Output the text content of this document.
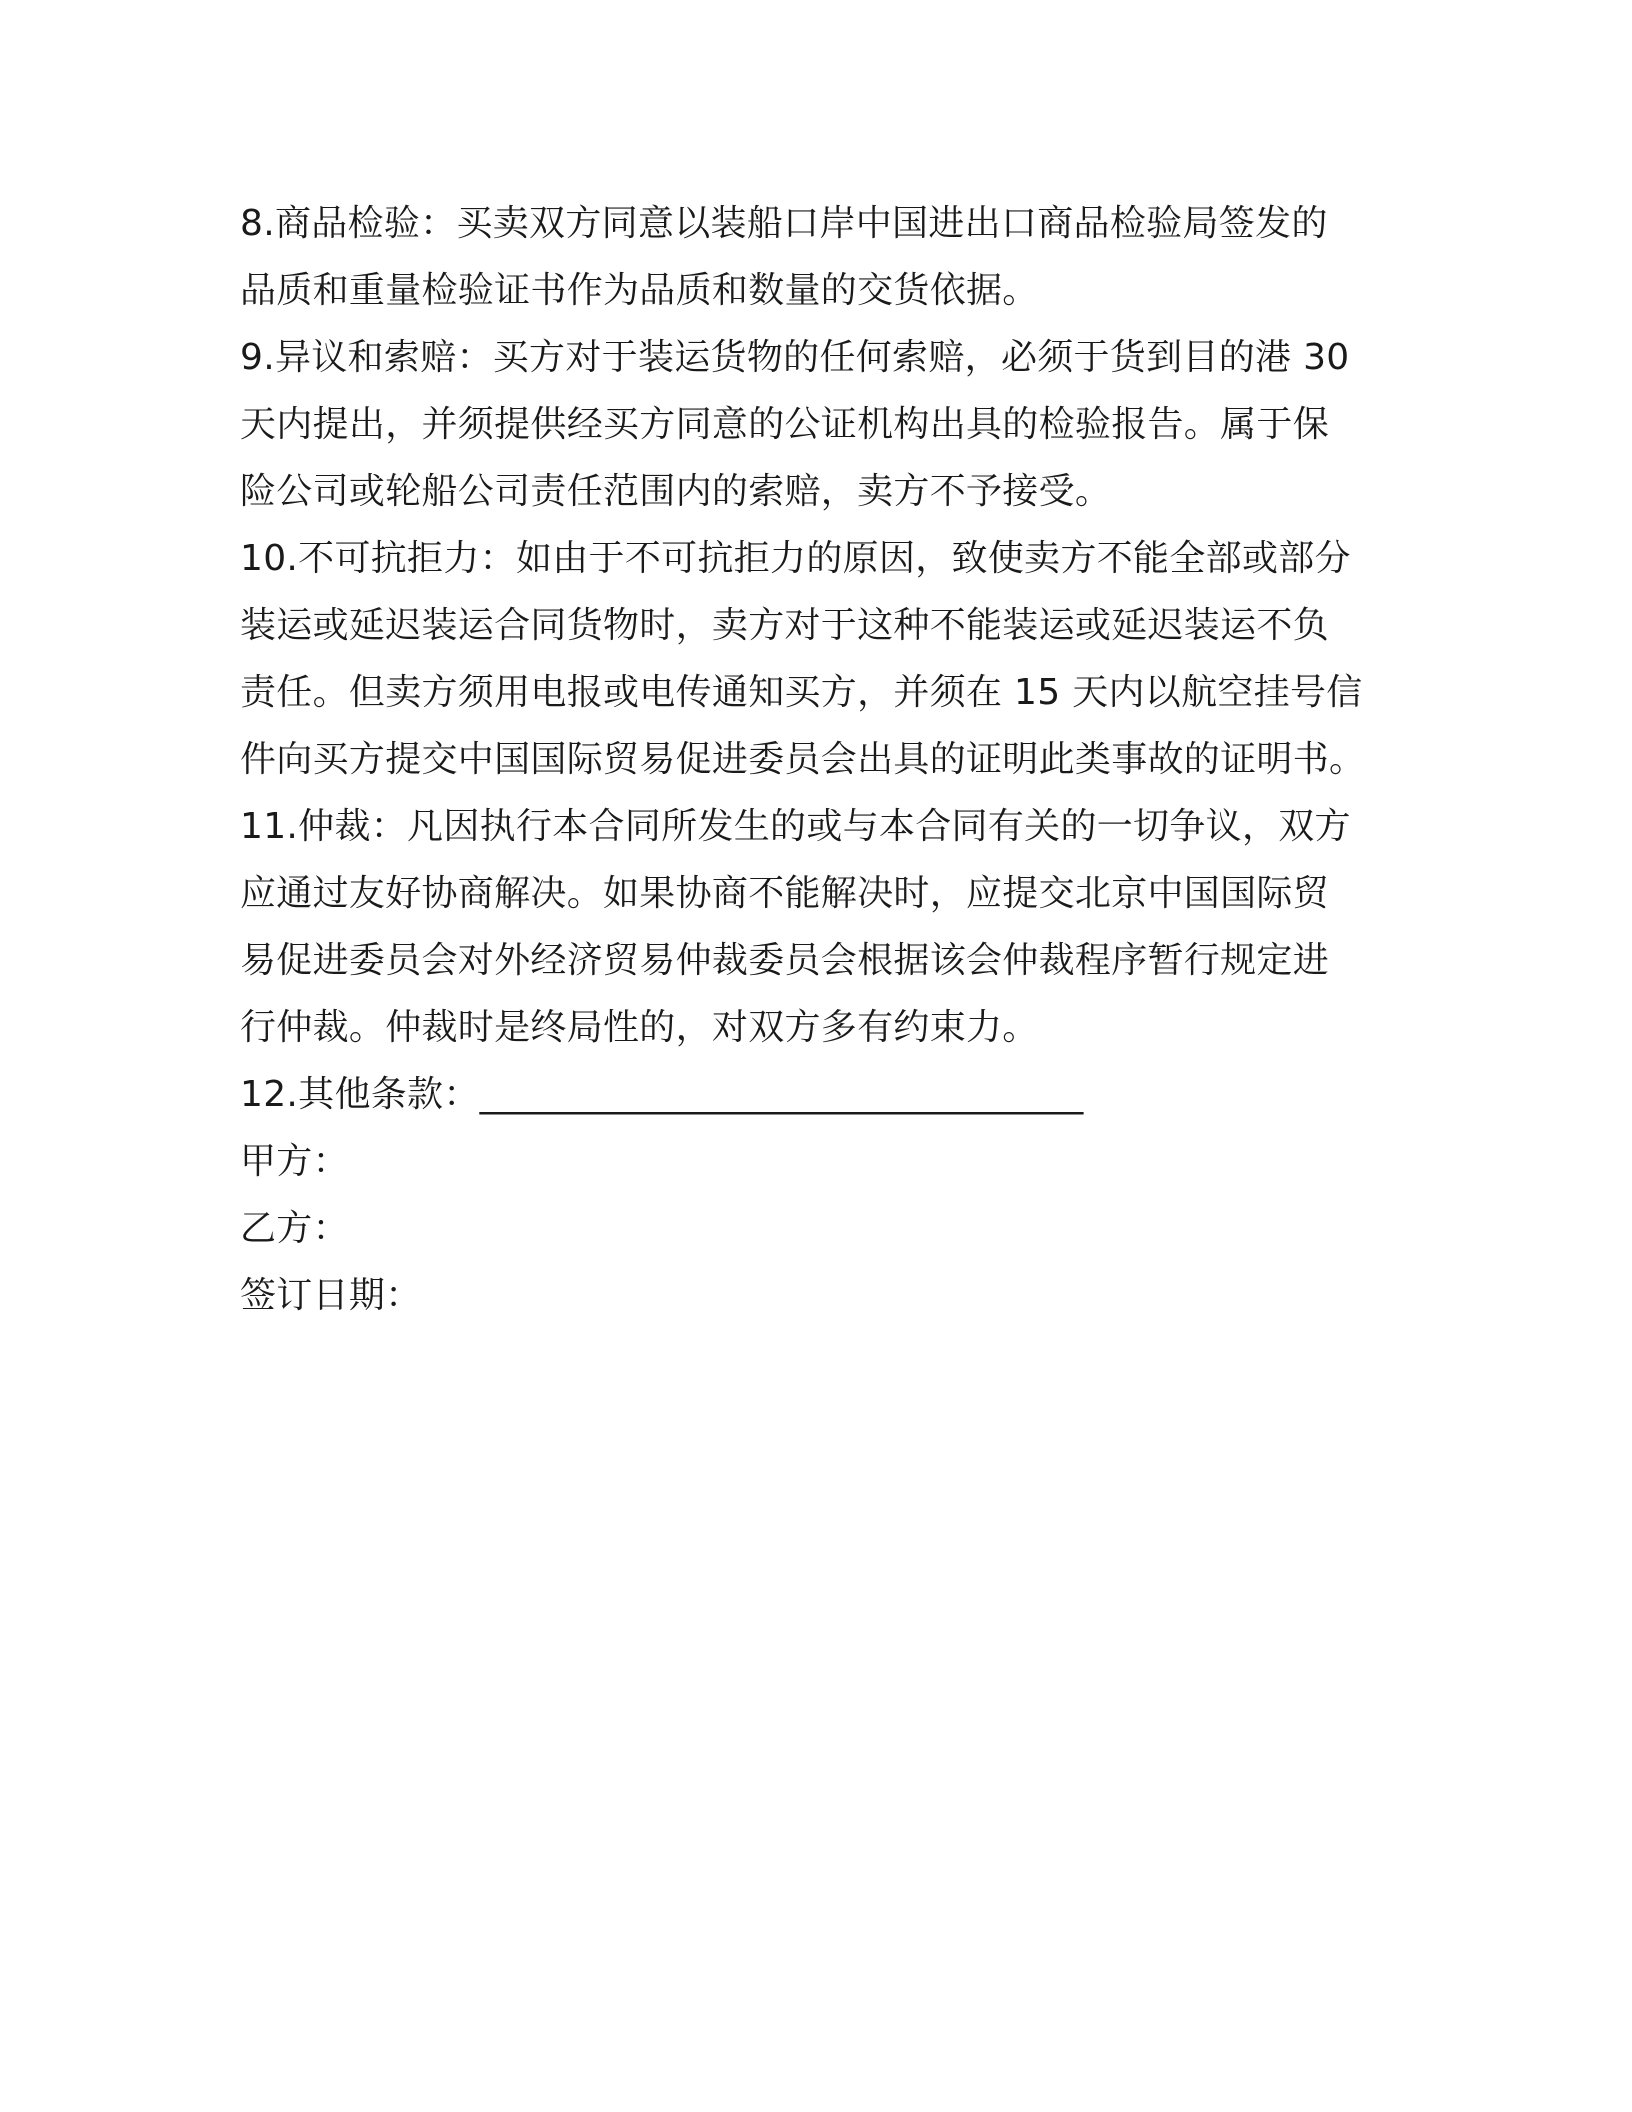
8.商品检验：买卖双方同意以装船口岸中国进出口商品检验局签发的
品质和重量检验证书作为品质和数量的交货依据。
9.异议和索赔：买方对于装运货物的任何索赔，必须于货到目的港 30
天内提出，并须提供经买方同意的公证机构出具的检验报告。属于保
险公司或轮船公司责任范围内的索赔，卖方不予接受。
10.不可抗拒力：如由于不可抗拒力的原因，致使卖方不能全部或部分
装运或延迟装运合同货物时，卖方对于这种不能装运或延迟装运不负
责任。但卖方须用电报或电传通知买方，并须在 15 天内以航空挂号信
件向买方提交中国国际贸易促进委员会出具的证明此类事故的证明书。
11.仲裁：凡因执行本合同所发生的或与本合同有关的一切争议，双方
应通过友好协商解决。如果协商不能解决时，应提交北京中国国际贸
易促进委员会对外经济贸易仲裁委员会根据该会仲裁程序暂行规定进
行仲裁。仲裁时是终局性的，对双方多有约束力。
12.其他条款：_________________________________
甲方：
乙方：
签订日期：
